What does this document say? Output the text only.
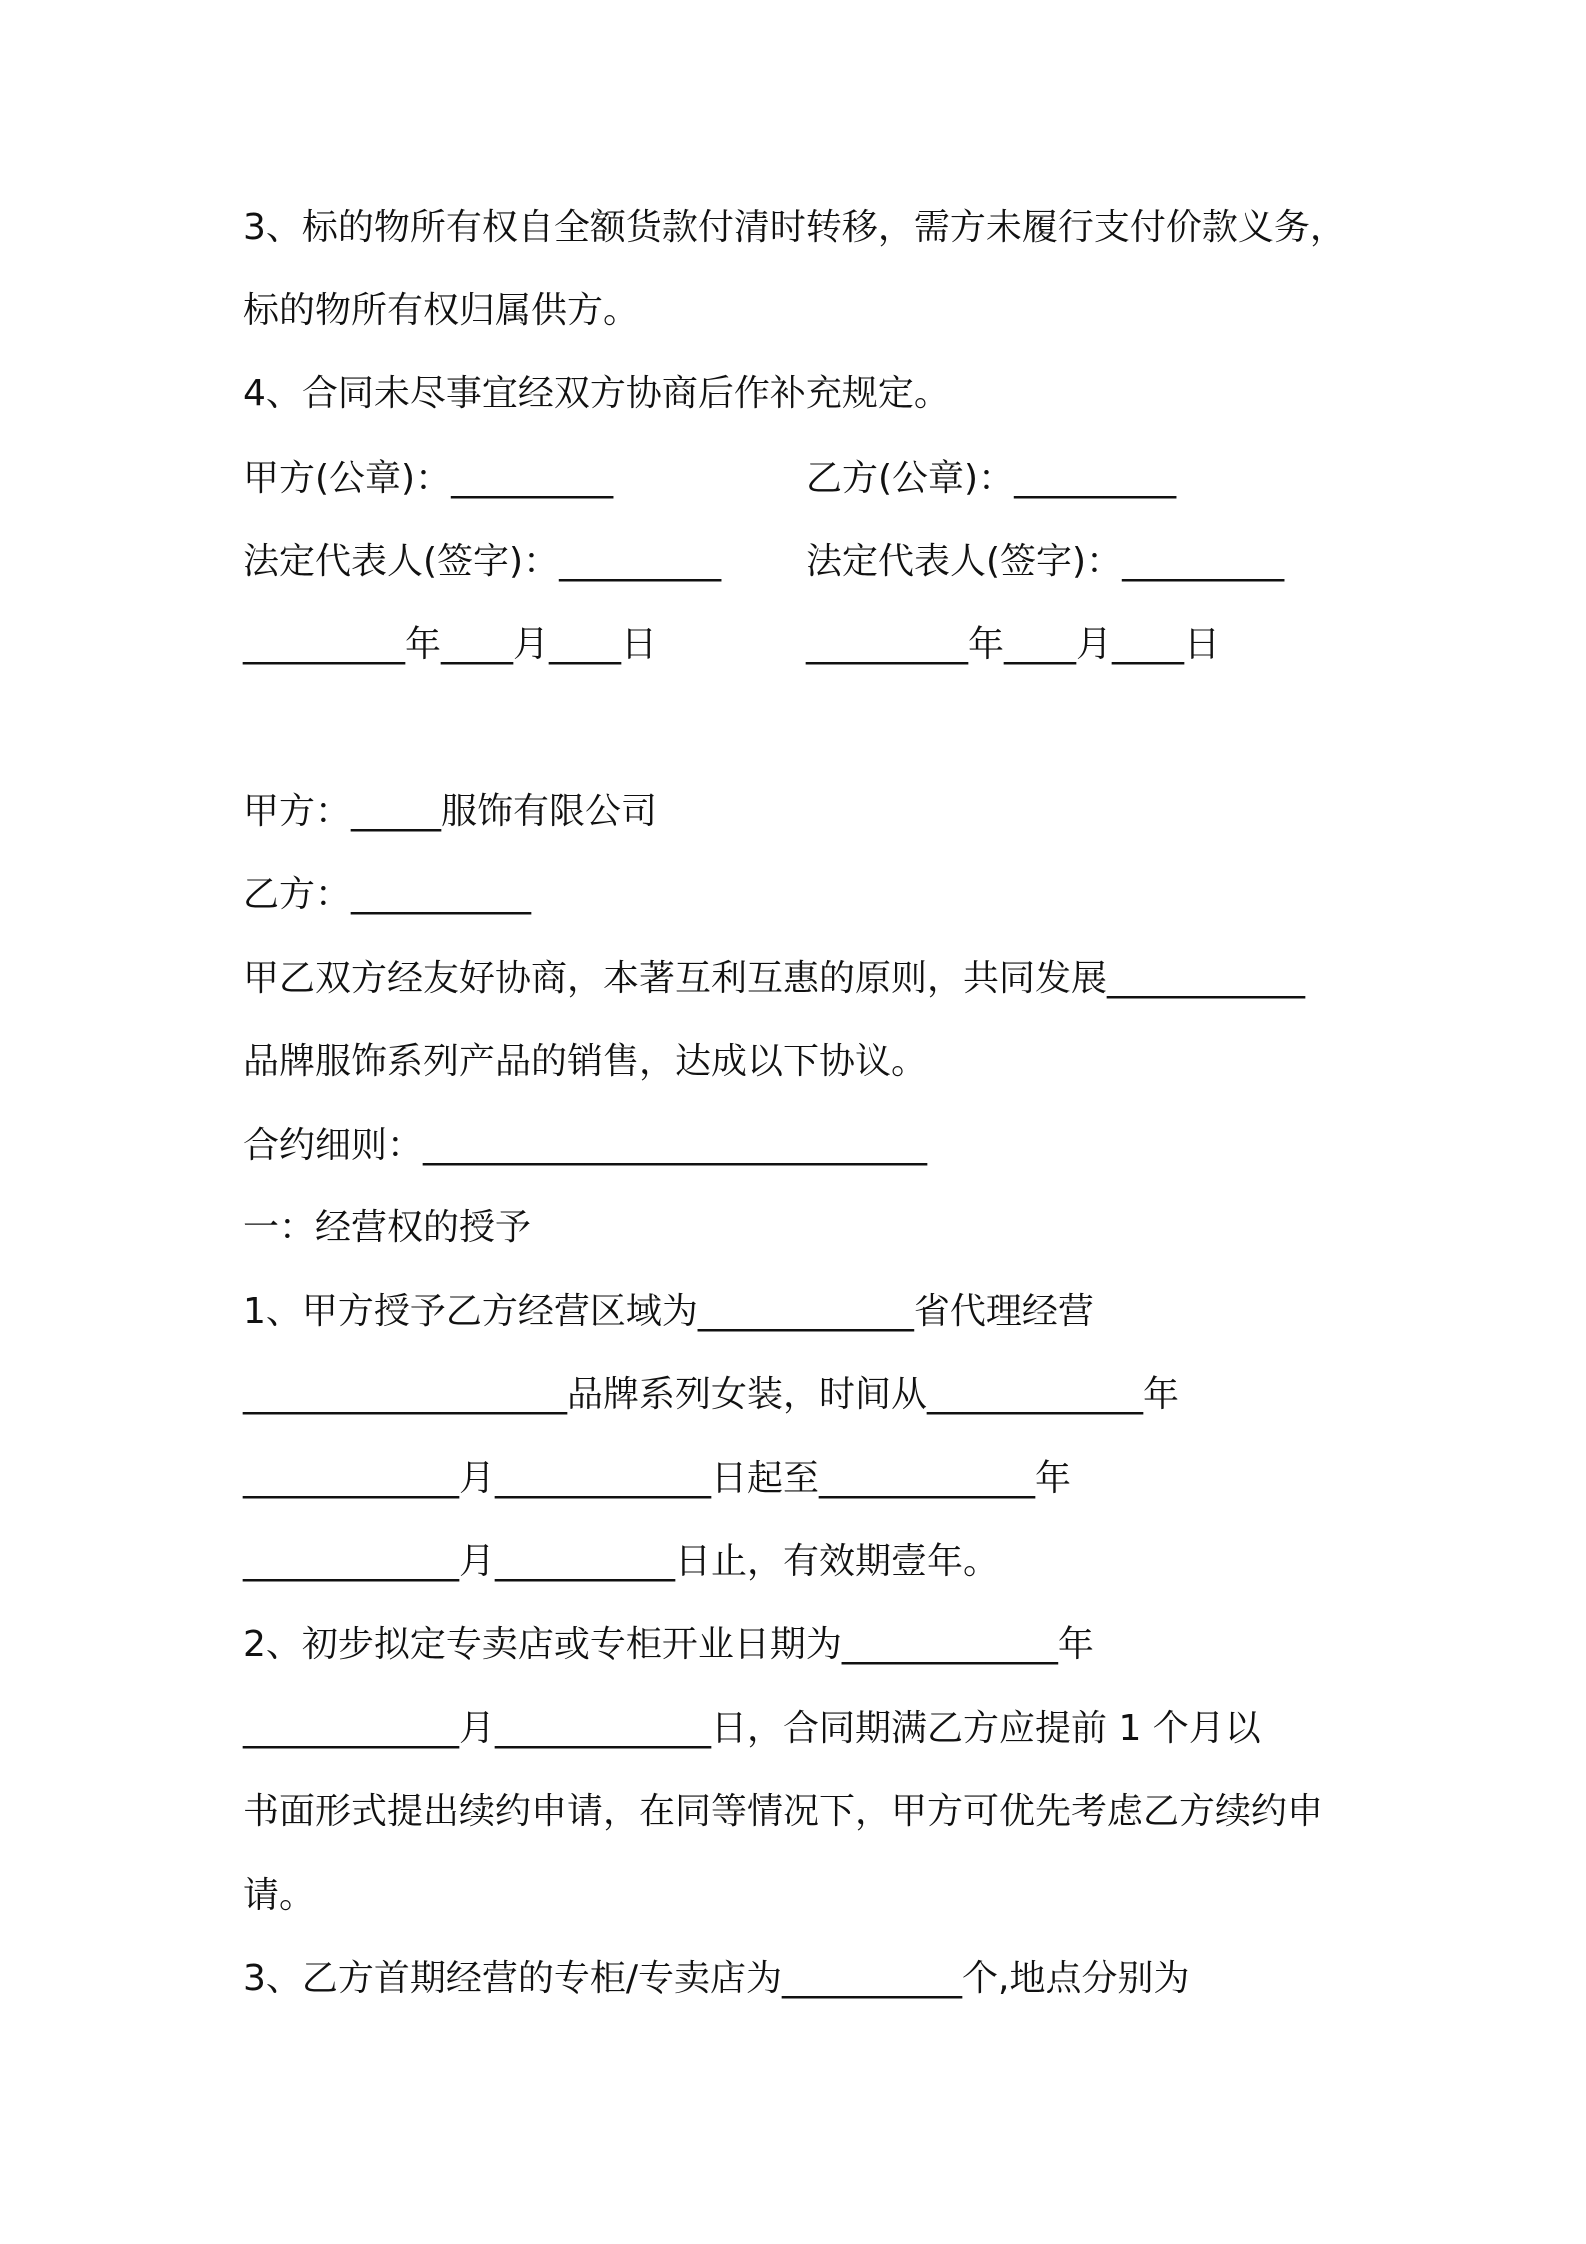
3、标的物所有权自全额货款付清时转移，需方未履行支付价款义务，

标的物所有权归属供方。

4、合同未尽事宜经双方协商后作补充规定。

甲方(公章)：_________	乙方(公章)：_________

法定代表人(签字)：_________ 法定代表人(签字)：_________

_________年____月____日	_________年____月____日

甲方：_____服饰有限公司

乙方：__________

甲乙双方经友好协商，本著互利互惠的原则，共同发展___________

品牌服饰系列产品的销售，达成以下协议。

合约细则：____________________________

一：经营权的授予

1、甲方授予乙方经营区域为____________省代理经营

__________________品牌系列女装，时间从____________年

____________月____________日起至____________年

____________月__________日止，有效期壹年。

2、初步拟定专卖店或专柜开业日期为____________年

____________月____________日，合同期满乙方应提前 1 个月以

书面形式提出续约申请，在同等情况下，甲方可优先考虑乙方续约申

请。

3、乙方首期经营的专柜/专卖店为__________个,地点分别为
